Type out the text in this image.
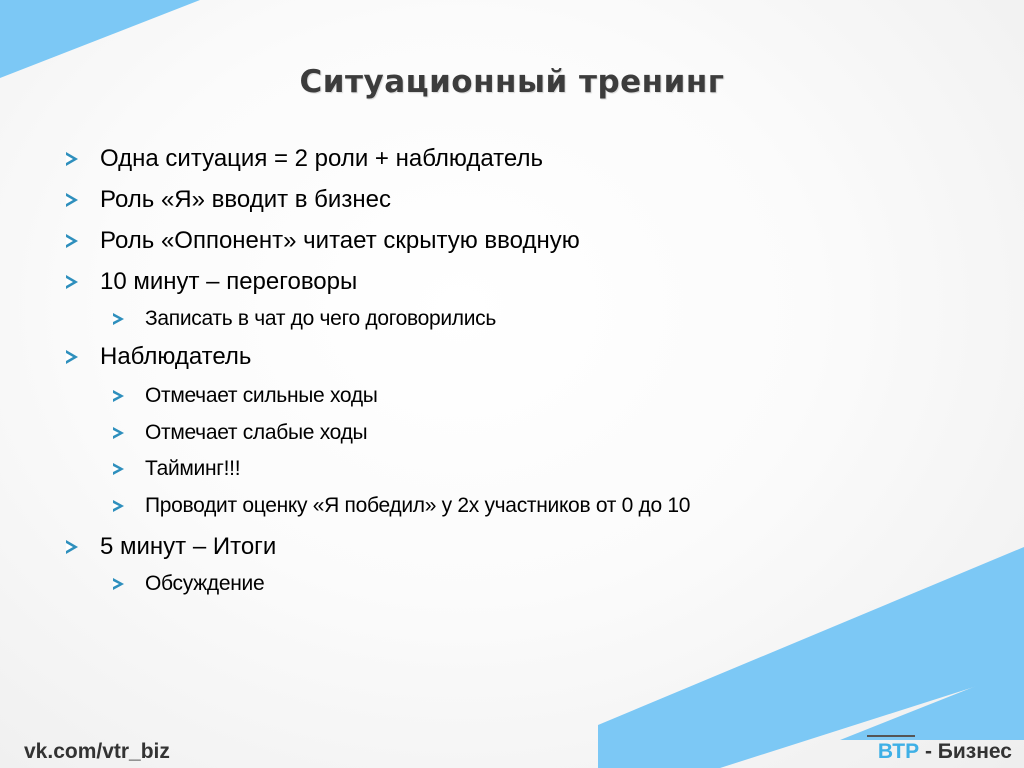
Ситуационный тренинг
Одна ситуация = 2 роли + наблюдатель
Роль «Я» вводит в бизнес
Роль «Оппонент» читает скрытую вводную
10 минут – переговоры
Записать в чат до чего договорились
Наблюдатель
Отмечает сильные ходы
Отмечает слабые ходы
Тайминг!!!
Проводит оценку «Я победил» у 2х участников от 0 до 10
5 минут – Итоги
Обсуждение
vk.com/vtr_biz	ВТР - Бизнес
